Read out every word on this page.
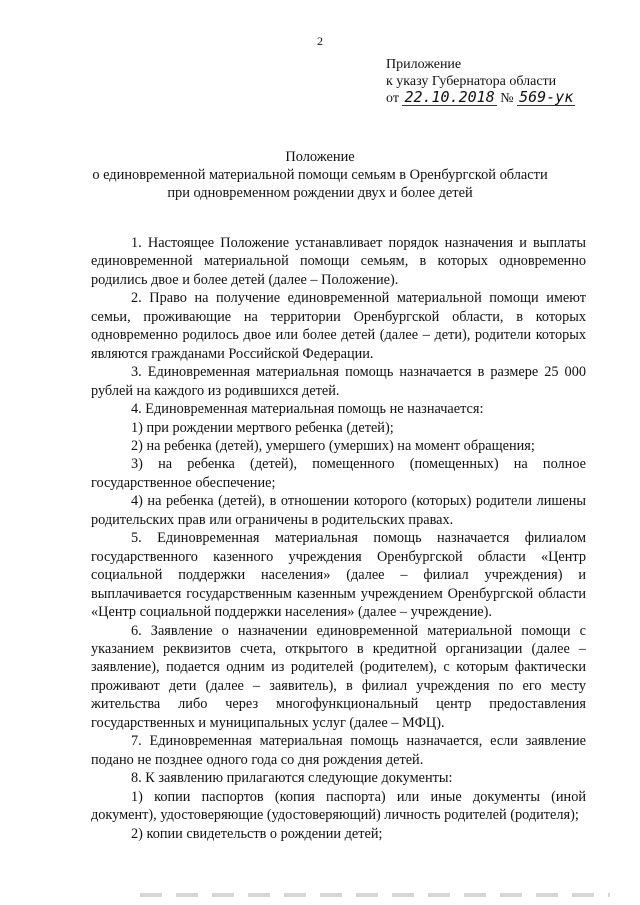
2
Приложение
к указу Губернатора области
от 22.10.2018 № 569-ук
Положение
о единовременной материальной помощи семьям в Оренбургской области
при одновременном рождении двух и более детей

1. Настоящее Положение устанавливает порядок назначения и выплаты единовременной материальной помощи семьям, в которых одновременно родились двое и более детей (далее – Положение).

2. Право на получение единовременной материальной помощи имеют семьи, проживающие на территории Оренбургской области, в которых одновременно родилось двое или более детей (далее – дети), родители которых являются гражданами Российской Федерации.

3. Единовременная материальная помощь назначается в размере 25 000 рублей на каждого из родившихся детей.

4. Единовременная материальная помощь не назначается:

1) при рождении мертвого ребенка (детей);

2) на ребенка (детей), умершего (умерших) на момент обращения;

3) на ребенка (детей), помещенного (помещенных) на полное государственное обеспечение;

4) на ребенка (детей), в отношении которого (которых) родители лишены родительских прав или ограничены в родительских правах.

5. Единовременная материальная помощь назначается филиалом государственного казенного учреждения Оренбургской области «Центр социальной поддержки населения» (далее – филиал учреждения) и выплачивается государственным казенным учреждением Оренбургской области «Центр социальной поддержки населения» (далее – учреждение).

6. Заявление о назначении единовременной материальной помощи с указанием реквизитов счета, открытого в кредитной организации (далее – заявление), подается одним из родителей (родителем), с которым фактически проживают дети (далее – заявитель), в филиал учреждения по его месту жительства либо через многофункциональный центр предоставления государственных и муниципальных услуг (далее – МФЦ).

7. Единовременная материальная помощь назначается, если заявление подано не позднее одного года со дня рождения детей.

8. К заявлению прилагаются следующие документы:

1) копии паспортов (копия паспорта) или иные документы (иной документ), удостоверяющие (удостоверяющий) личность родителей (родителя);

2) копии свидетельств о рождении детей;
